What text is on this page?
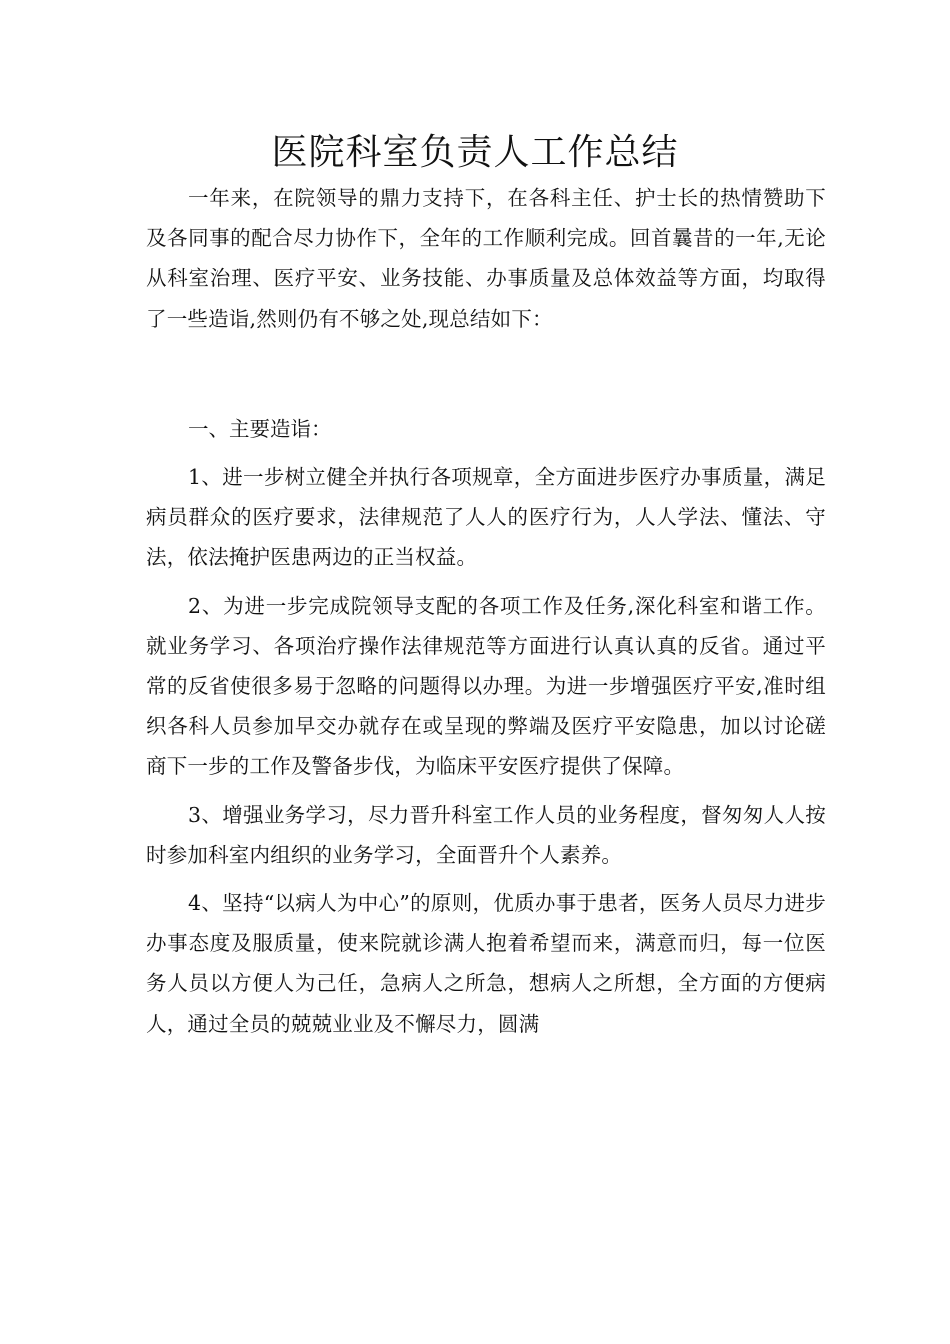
医院科室负责人工作总结

一年来，在院领导的鼎力支持下，在各科主任、护士长的热情赞助下及各同事的配合尽力协作下，全年的工作顺利完成。回首曩昔的一年,无论从科室治理、医疗平安、业务技能、办事质量及总体效益等方面，均取得了一些造诣,然则仍有不够之处,现总结如下：

一、主要造诣：

1、进一步树立健全并执行各项规章，全方面进步医疗办事质量，满足病员群众的医疗要求，法律规范了人人的医疗行为，人人学法、懂法、守法，依法掩护医患两边的正当权益。

2、为进一步完成院领导支配的各项工作及任务,深化科室和谐工作。就业务学习、各项治疗操作法律规范等方面进行认真认真的反省。通过平常的反省使很多易于忽略的问题得以办理。为进一步增强医疗平安,准时组织各科人员参加早交办就存在或呈现的弊端及医疗平安隐患，加以讨论磋商下一步的工作及警备步伐，为临床平安医疗提供了保障。

3、增强业务学习，尽力晋升科室工作人员的业务程度，督匆匆人人按时参加科室内组织的业务学习，全面晋升个人素养。

4、坚持“以病人为中心”的原则，优质办事于患者，医务人员尽力进步办事态度及服质量，使来院就诊满人抱着希望而来，满意而归，每一位医务人员以方便人为己任，急病人之所急，想病人之所想，全方面的方便病人，通过全员的兢兢业业及不懈尽力，圆满
